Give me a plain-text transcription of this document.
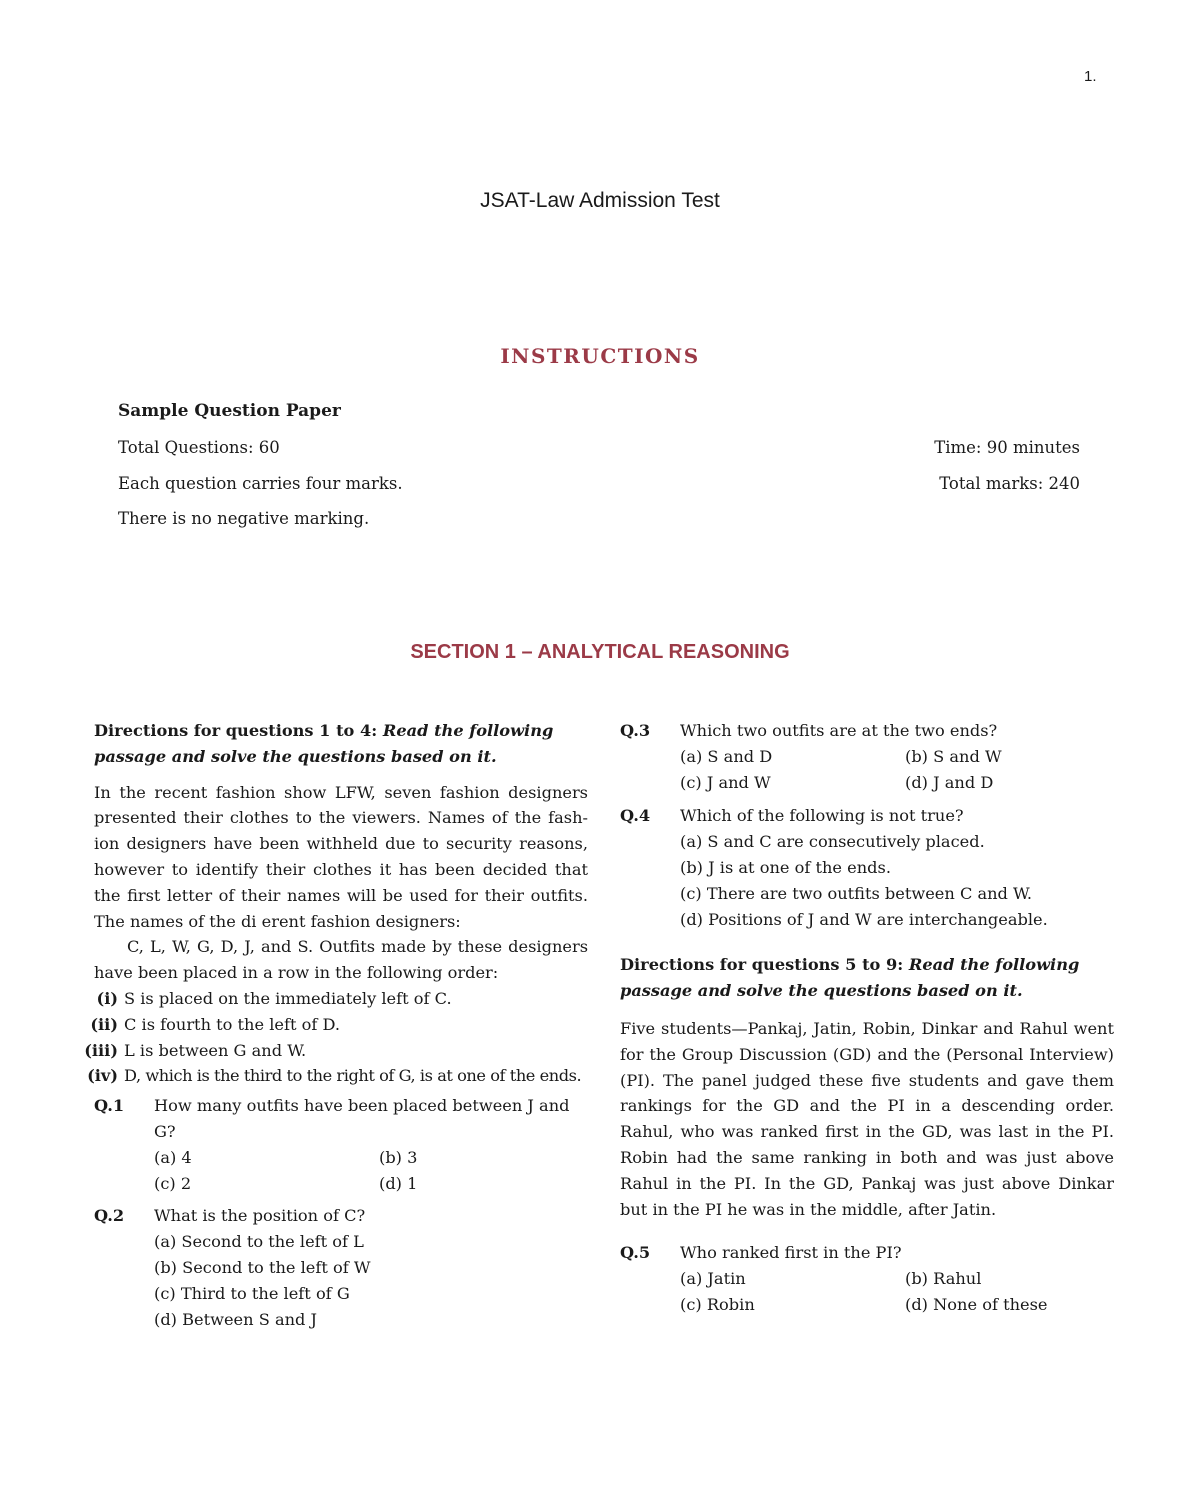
1.
JSAT-Law Admission Test
INSTRUCTIONS
Sample Question Paper
Total Questions: 60	Time: 90 minutes
Each question carries four marks.	Total marks: 240
There is no negative marking.
SECTION 1 – ANALYTICAL REASONING

Directions for questions 1 to 4: Read the following passage and solve the questions based on it.

In the recent fashion show LFW, seven fashion designers presented their clothes to the viewers. Names of the fash-ion designers have been withheld due to security reasons, however to identify their clothes it has been decided that the first letter of their names will be used for their outfits. The names of the di erent fashion designers:

C, L, W, G, D, J, and S. Outfits made by these designers have been placed in a row in the following order:

(i) S is placed on the immediately left of C.
(ii) C is fourth to the left of D.
(iii) L is between G and W.
(iv) D, which is the third to the right of G, is at one of the ends.
Q.1	How many outfits have been placed between J and G?
(a) 4	(b) 3
(c) 2	(d) 1
Q.2	What is the position of C?
(a) Second to the left of L
(b) Second to the left of W
(c) Third to the left of G
(d) Between S and J
Q.3	Which two outfits are at the two ends?
(a) S and D	(b) S and W
(c) J and W	(d) J and D
Q.4	Which of the following is not true?
(a) S and C are consecutively placed.
(b) J is at one of the ends.
(c) There are two outfits between C and W.
(d) Positions of J and W are interchangeable.

Directions for questions 5 to 9: Read the following passage and solve the questions based on it.

Five students—Pankaj, Jatin, Robin, Dinkar and Rahul went for the Group Discussion (GD) and the (Personal Interview) (PI). The panel judged these five students and gave them rankings for the GD and the PI in a descending order. Rahul, who was ranked first in the GD, was last in the PI. Robin had the same ranking in both and was just above Rahul in the PI. In the GD, Pankaj was just above Dinkar but in the PI he was in the middle, after Jatin.

Q.5	Who ranked first in the PI?
(a) Jatin	(b) Rahul
(c) Robin	(d) None of these
